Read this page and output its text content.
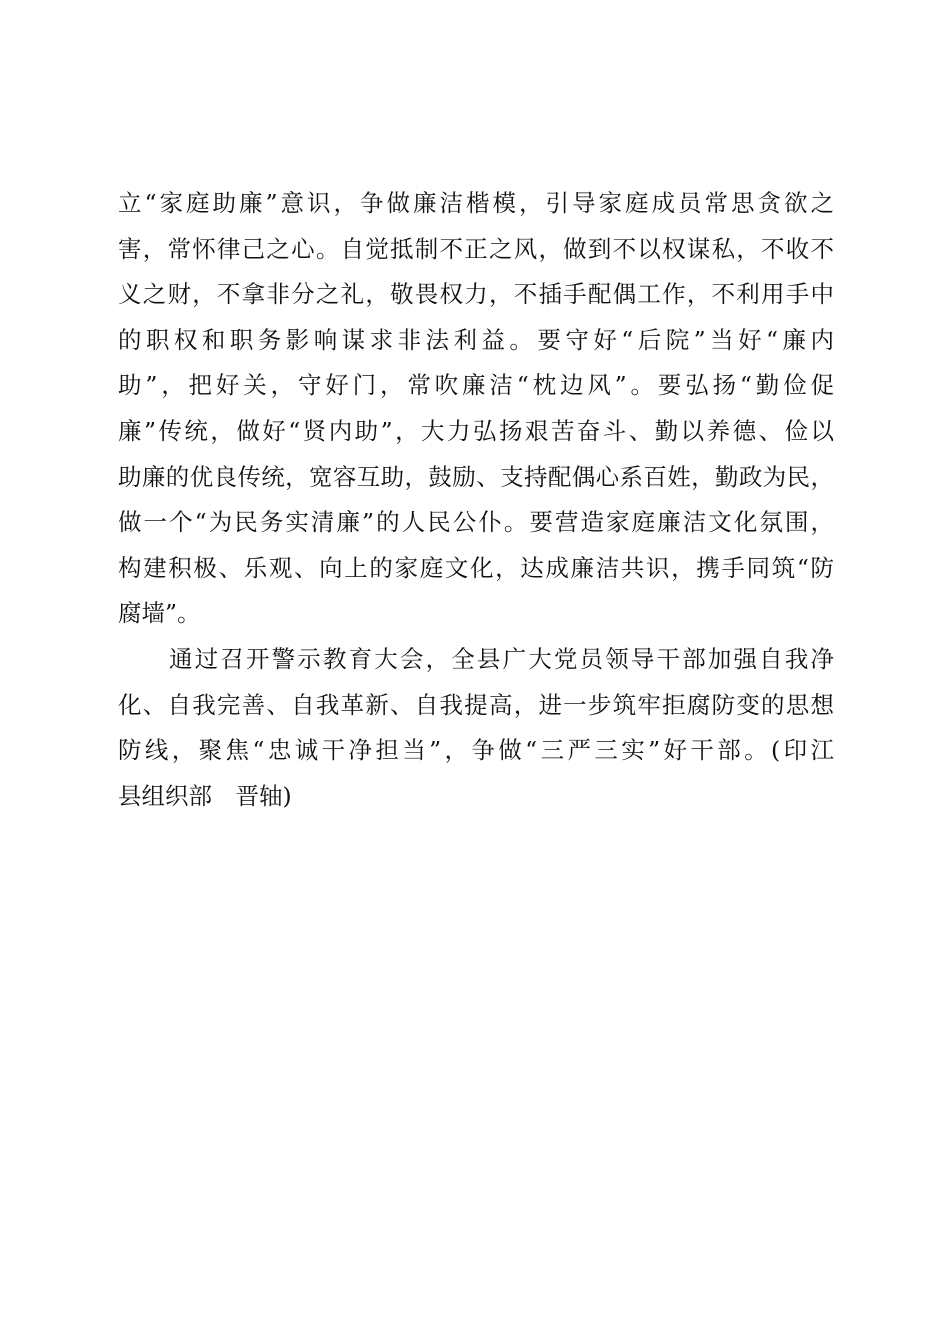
立“家庭助廉”意识，争做廉洁楷模，引导家庭成员常思贪欲之
害，常怀律己之心。自觉抵制不正之风，做到不以权谋私，不收不
义之财，不拿非分之礼，敬畏权力，不插手配偶工作，不利用手中
的职权和职务影响谋求非法利益。要守好“后院”当好“廉内
助”，把好关，守好门，常吹廉洁“枕边风”。要弘扬“勤俭促
廉”传统，做好“贤内助”，大力弘扬艰苦奋斗、勤以养德、俭以
助廉的优良传统，宽容互助，鼓励、支持配偶心系百姓，勤政为民，
做一个“为民务实清廉”的人民公仆。要营造家庭廉洁文化氛围，
构建积极、乐观、向上的家庭文化，达成廉洁共识，携手同筑“防
腐墙”。
通过召开警示教育大会，全县广大党员领导干部加强自我净
化、自我完善、自我革新、自我提高，进一步筑牢拒腐防变的思想
防线，聚焦“忠诚干净担当”，争做“三严三实”好干部。(印江
县组织部　晋轴)
